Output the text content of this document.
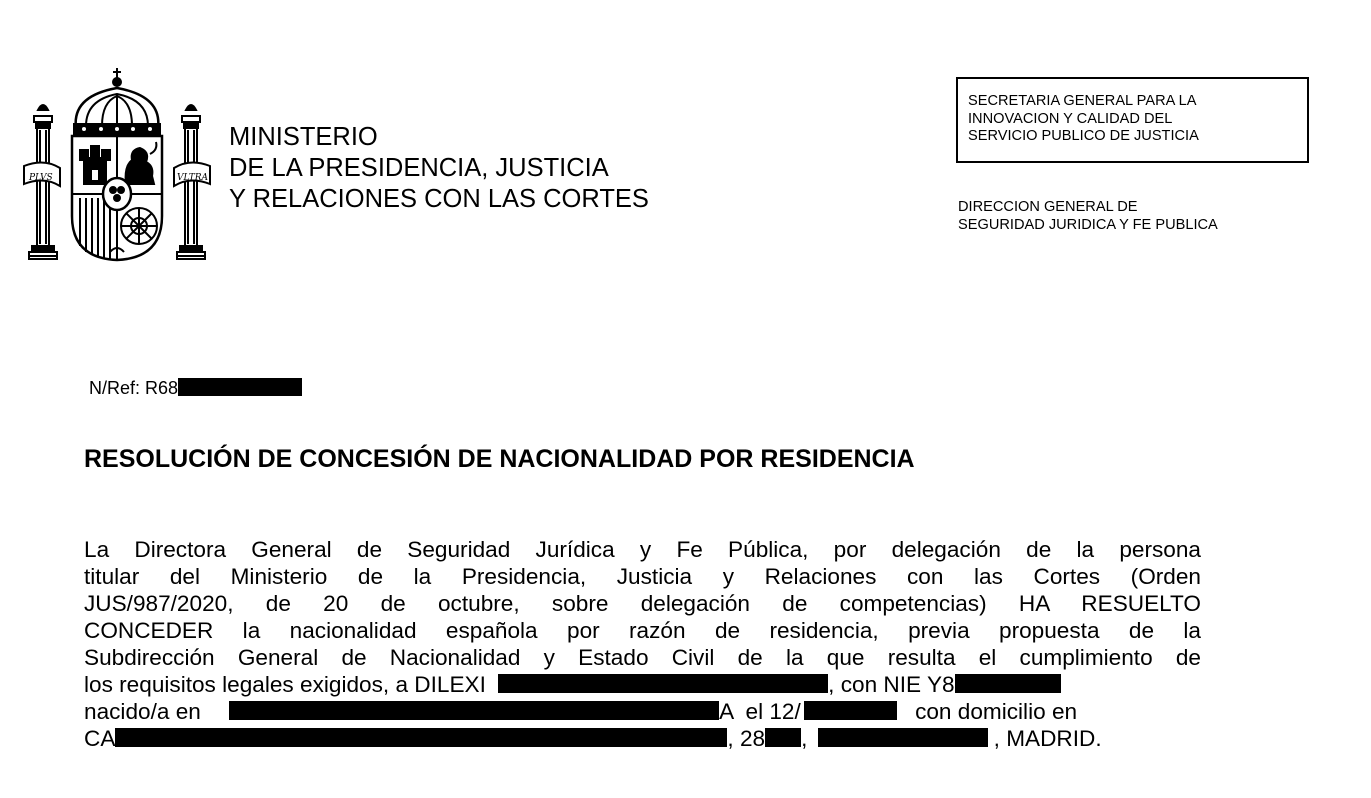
PLVS	VLTRA
MINISTERIO
DE LA PRESIDENCIA, JUSTICIA
Y RELACIONES CON LAS CORTES
SECRETARIA GENERAL PARA LA
INNOVACION Y CALIDAD DEL
SERVICIO PUBLICO DE JUSTICIA
DIRECCION GENERAL DE
SEGURIDAD JURIDICA Y FE PUBLICA
N/Ref: R68
RESOLUCIÓN DE CONCESIÓN DE NACIONALIDAD POR RESIDENCIA
La Directora General de Seguridad Jurídica y Fe Pública, por delegación de la persona
titular del Ministerio de la Presidencia, Justicia y Relaciones con las Cortes (Orden
JUS/987/2020, de 20 de octubre, sobre delegación de competencias) HA RESUELTO
CONCEDER la nacionalidad española por razón de residencia, previa propuesta de la
Subdirección General de Nacionalidad y Estado Civil de la que resulta el cumplimiento de
los requisitos legales exigidos, a DILEXI	, con NIE Y8
nacido/a en	A  el 12/	con domicilio en
CA	, 28 ,	, MADRID.
